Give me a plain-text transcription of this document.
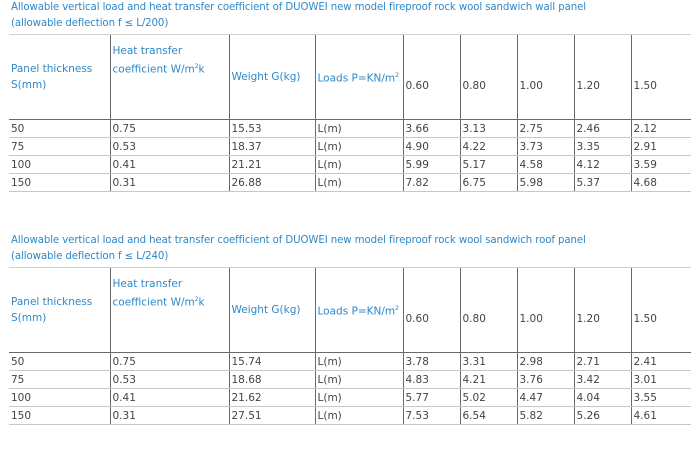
Allowable vertical load and heat transfer coefficient of DUOWEI new model fireproof rock wool sandwich wall panel
(allowable deflection f ≤ L/200)
Panel thickness
S(mm)	Heat transfer
coefficient $W/m^2k$	Weight G(kg)	Loads $P=KN/m^2$	0.60	0.80	1.00	1.20	1.50
50	0.75	15.53	L(m)	3.66	3.13	2.75	2.46	2.12
75	0.53	18.37	L(m)	4.90	4.22	3.73	3.35	2.91
100	0.41	21.21	L(m)	5.99	5.17	4.58	4.12	3.59
150	0.31	26.88	L(m)	7.82	6.75	5.98	5.37	4.68
Allowable vertical load and heat transfer coefficient of DUOWEI new model fireproof rock wool sandwich roof panel
(allowable deflection f ≤ L/240)
Panel thickness
S(mm)	Heat transfer
coefficient $W/m^2k$	Weight G(kg)	Loads $P=KN/m^2$	0.60	0.80	1.00	1.20	1.50
50	0.75	15.74	L(m)	3.78	3.31	2.98	2.71	2.41
75	0.53	18.68	L(m)	4.83	4.21	3.76	3.42	3.01
100	0.41	21.62	L(m)	5.77	5.02	4.47	4.04	3.55
150	0.31	27.51	L(m)	7.53	6.54	5.82	5.26	4.61
